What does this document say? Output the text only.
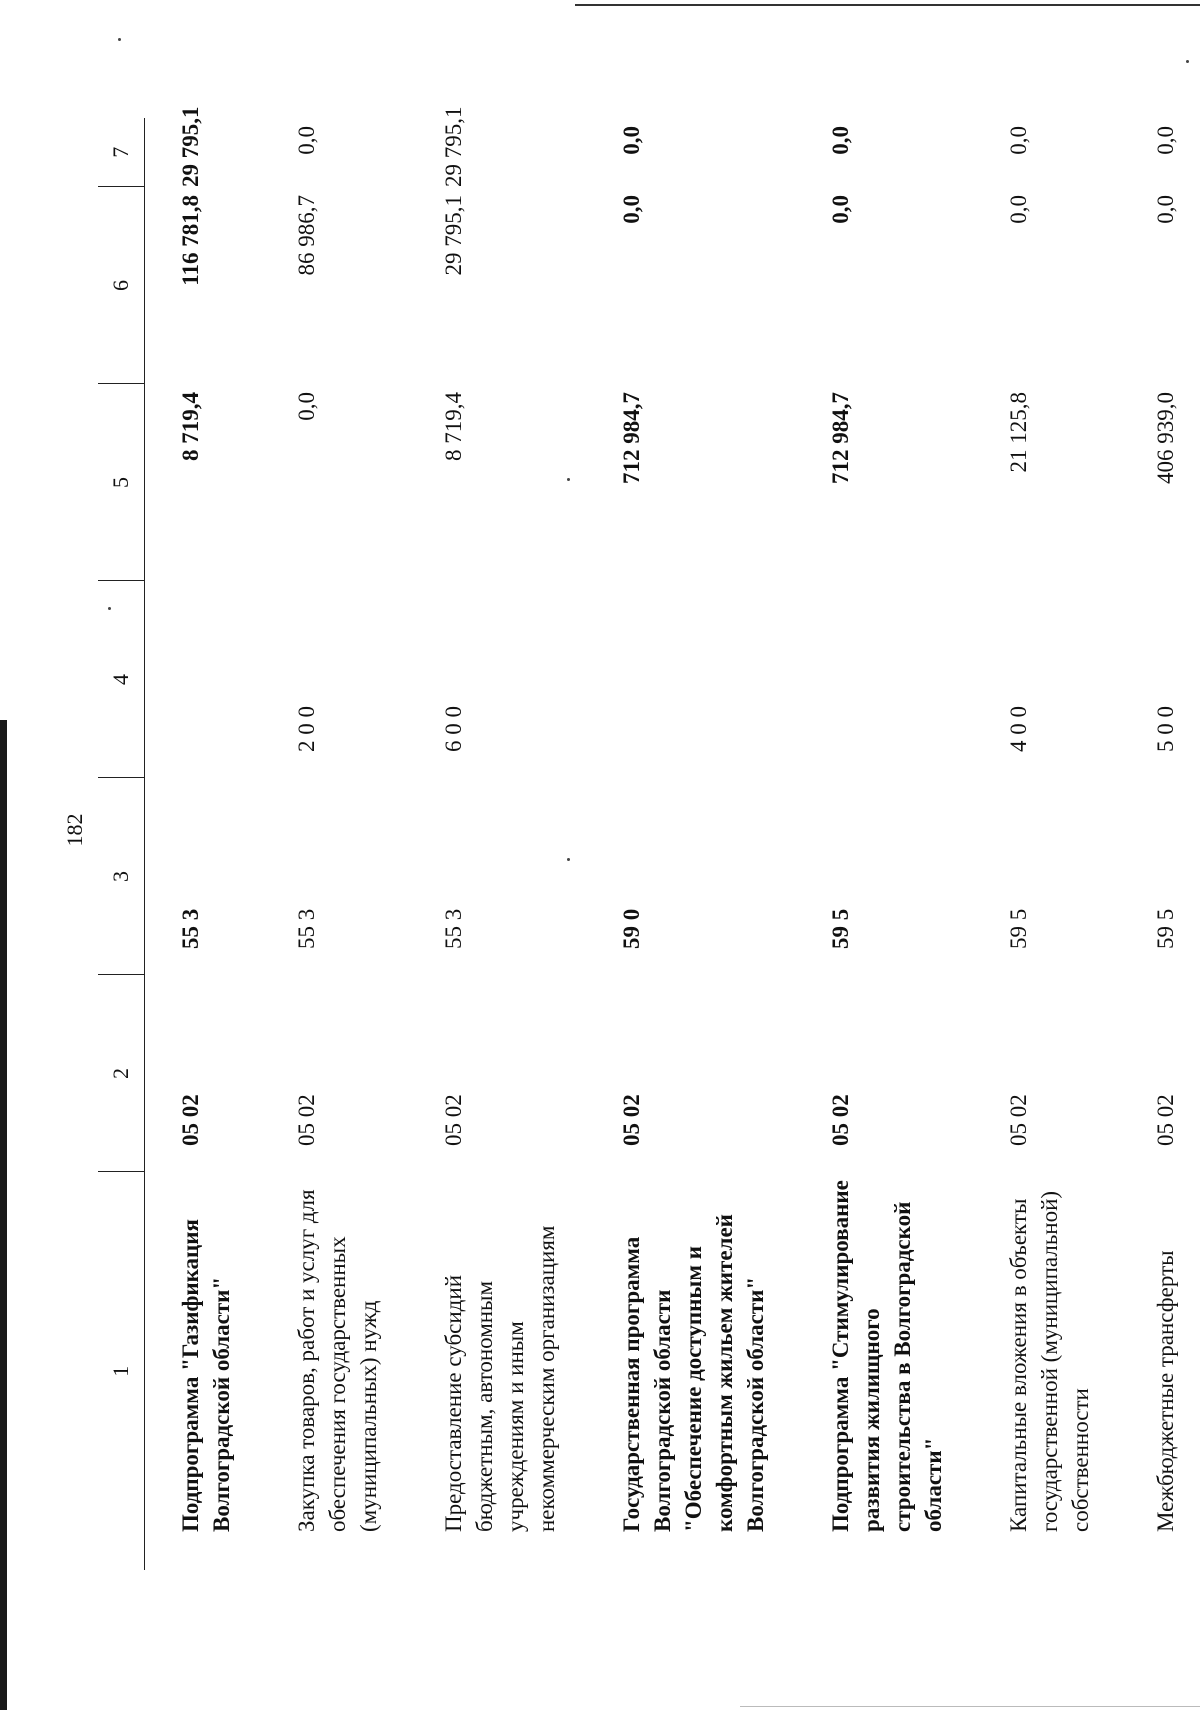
182
1	2	3	4	5	6	7
Подпрограмма "Газификация Волгоградской области"	05 02	55 3		8 719,4	116 781,8	29 795,1
Закупка товаров, работ и услуг для обеспечения государственных (муниципальных) нужд	05 02	55 3	2 0 0	0,0	86 986,7	0,0
Предоставление субсидий бюджетным, автономным учреждениям и иным некоммерческим организациям	05 02	55 3	6 0 0	8 719,4	29 795,1	29 795,1
Государственная программа Волгоградской области "Обеспечение доступным и комфортным жильем жителей Волгоградской области"	05 02	59 0		712 984,7	0,0	0,0
Подпрограмма "Стимулирование развития жилищного строительства в Волгоградской области"	05 02	59 5		712 984,7	0,0	0,0
Капитальные вложения в объекты государственной (муниципальной) собственности	05 02	59 5	4 0 0	21 125,8	0,0	0,0
Межбюджетные трансферты	05 02	59 5	5 0 0	406 939,0	0,0	0,0
